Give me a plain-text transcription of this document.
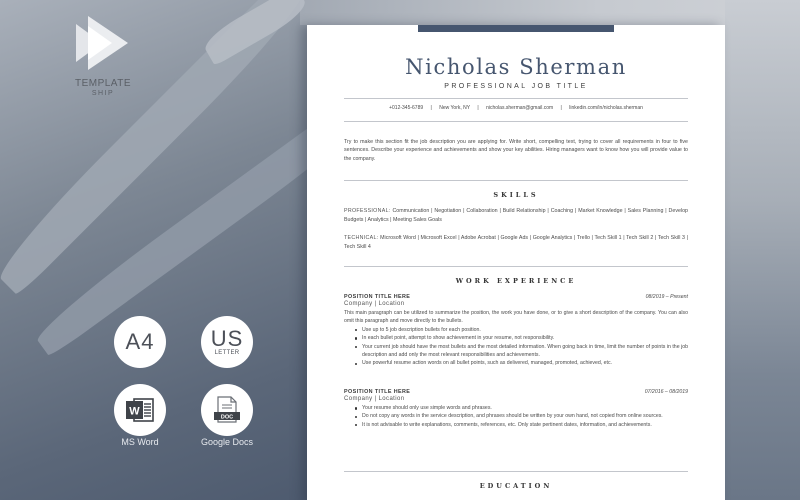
TEMPLATE
SHIP
A4	US
LETTER
W
MS Word
DOC
Google Docs
Nicholas Sherman
PROFESSIONAL JOB TITLE
+012-345-6789 | New York, NY | nicholas.sherman@gmail.com | linkedin.com/in/nicholas.sherman
Try to make this section fit the job description you are applying for. Write short, compelling text, trying to cover all requirements in four to five sentences. Describe your experience and achievements and show your key abilities. Hiring managers want to know how you will provide value to the company.
SKILLS
PROFESSIONAL: Communication | Negotiation | Collaboration | Build Relationship | Coaching | Market Knowledge | Sales Planning | Develop Budgets | Analytics | Meeting Sales Goals
TECHNICAL: Microsoft Word | Microsoft Excel | Adobe Acrobat | Google Ads | Google Analytics | Trello | Tech Skill 1 | Tech Skill 2 | Tech Skill 3 | Tech Skill 4
WORK EXPERIENCE
POSITION TITLE HERE	08/2019 – Present
Company | Location
This main paragraph can be utilized to summarize the position, the work you have done, or to give a short description of the company. You can also omit this paragraph and move directly to the bullets.
Use up to 5 job description bullets for each position.
In each bullet point, attempt to show achievement in your resume, not responsibility.
Your current job should have the most bullets and the most detailed information. When going back in time, limit the number of points in the job description and add only the most relevant responsibilities and achievements.
Use powerful resume action words on all bullet points, such as delivered, managed, promoted, achieved, etc.
POSITION TITLE HERE	07/2016 – 08/2019
Company | Location
Your resume should only use simple words and phrases.
Do not copy any words in the service description, and phrases should be written by your own hand, not copied from online sources.
It is not advisable to write explanations, comments, references, etc. Only state pertinent dates, information, and achievements.
EDUCATION
